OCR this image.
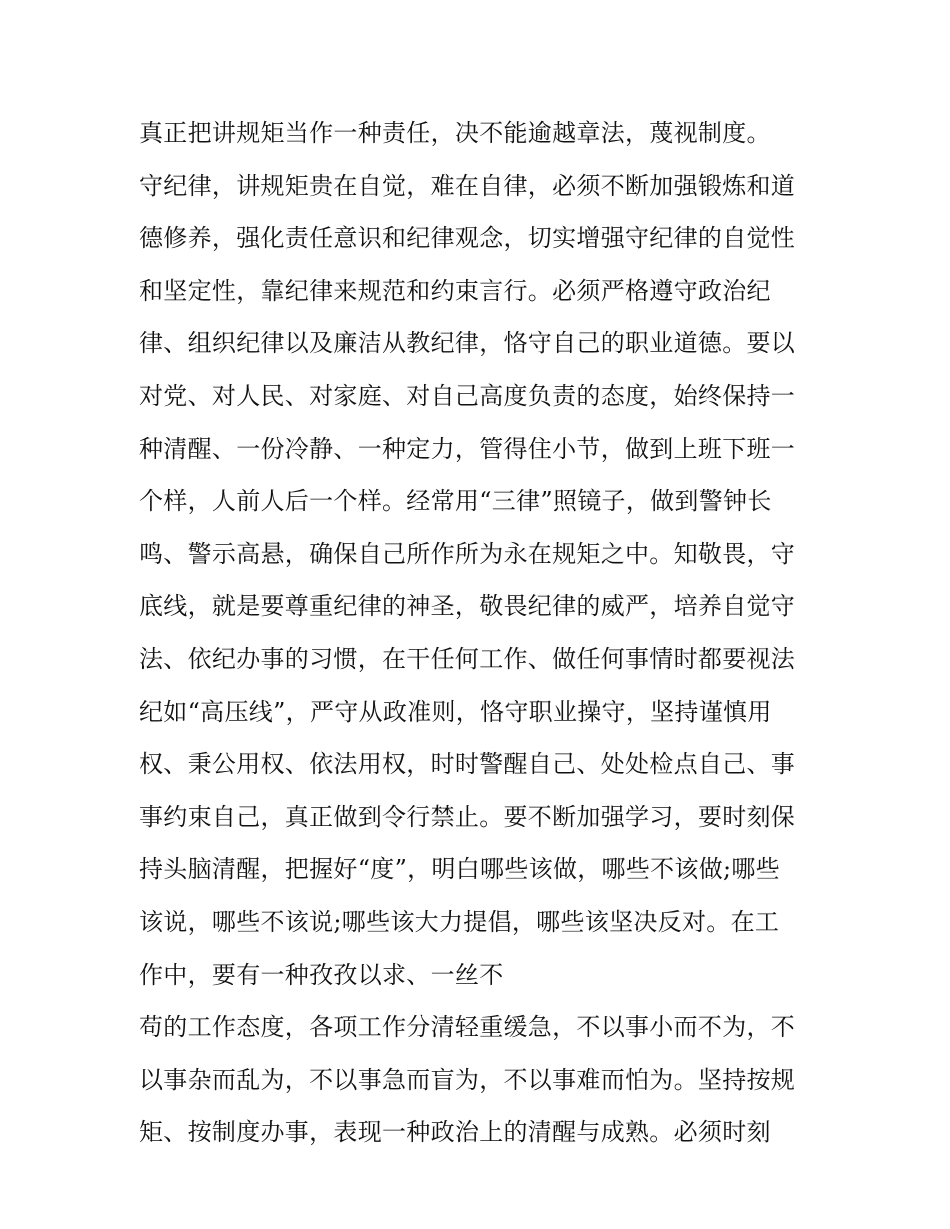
真正把讲规矩当作一种责任，决不能逾越章法，蔑视制度。
守纪律，讲规矩贵在自觉，难在自律，必须不断加强锻炼和道
德修养，强化责任意识和纪律观念，切实增强守纪律的自觉性
和坚定性，靠纪律来规范和约束言行。必须严格遵守政治纪
律、组织纪律以及廉洁从教纪律，恪守自己的职业道德。要以
对党、对人民、对家庭、对自己高度负责的态度，始终保持一
种清醒、一份冷静、一种定力，管得住小节，做到上班下班一
个样，人前人后一个样。经常用“三律”照镜子，做到警钟长
鸣、警示高悬，确保自己所作所为永在规矩之中。知敬畏，守
底线，就是要尊重纪律的神圣，敬畏纪律的威严，培养自觉守
法、依纪办事的习惯，在干任何工作、做任何事情时都要视法
纪如“高压线”，严守从政准则，恪守职业操守，坚持谨慎用
权、秉公用权、依法用权，时时警醒自己、处处检点自己、事
事约束自己，真正做到令行禁止。要不断加强学习，要时刻保
持头脑清醒，把握好“度”，明白哪些该做，哪些不该做;哪些
该说，哪些不该说;哪些该大力提倡，哪些该坚决反对。在工
作中，要有一种孜孜以求、一丝不
苟的工作态度，各项工作分清轻重缓急，不以事小而不为，不
以事杂而乱为，不以事急而盲为，不以事难而怕为。坚持按规
矩、按制度办事，表现一种政治上的清醒与成熟。必须时刻
